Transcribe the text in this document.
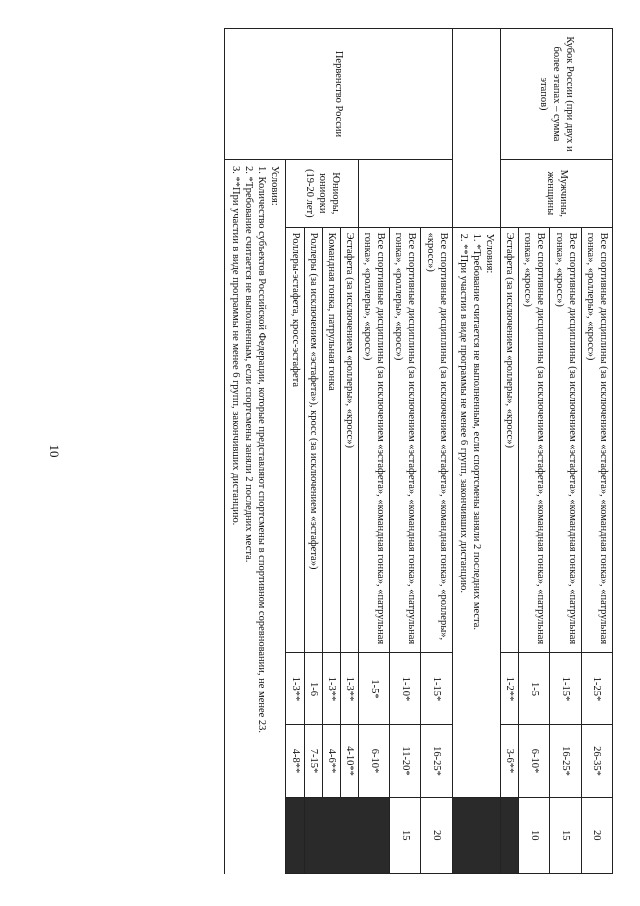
10
Кубок России (при двух и более этапах – сумма этапов)	Мужчины, женщины	Все спортивные дисциплины (за исключением «эстафета», «командная гонка», «патрульная гонка», «роллеры», «кросс»)	1-25*	26-35*	20
		Все спортивные дисциплины (за исключением «эстафета», «командная гонка», «патрульная гонка», «кросс»)	1-15*	16-25*	15
		Все спортивные дисциплины (за исключением «эстафета», «командная гонка», «патрульная гонка», «кросс»)	1-5	6-10*	10
		Эстафета (за исключением «роллеры», «кросс»)	1-2**	3-6**	

		Условия:
1. *Требование считается не выполненным, если спортсмены заняли 2 последних места.
2. **При участии в виде программы не менее 6 групп, закончивших дистанцию.			

Первенство России		Все спортивные дисциплины (за исключением «эстафета», «командная гонка», «роллеры», «кросс»)	1-15*	16-25*	20
		Все спортивные дисциплины (за исключением «эстафета», «командная гонка», «патрульная гонка», «роллеры», «кросс»)	1-10*	11-20*	15
		Все спортивные дисциплины (за исключением «эстафета», «командная гонка», «патрульная гонка», «роллеры», «кросс»)	1-5*	6-10*	
	Юниоры, юниорки (19-20 лет)	Эстафета (за исключением «роллеры», «кросс»)	1-3**	4-10**	
		Командная гонка, патрульная гонка	1-3**	4-6**	
		Роллеры (за исключением «эстафета»), кросс (за исключением «эстафета»)	1-6	7-15*	
		Роллеры-эстафета, кросс-эстафета	1-3**	4-8**	

	Условия:
1. Количество субъектов Российской Федерации, которые представляют спортсмены в спортивном соревновании, не менее 23.
2. *Требование считается не выполненным, если спортсмены заняли 2 последних места.
3. **При участии в виде программы не менее 6 групп, закончивших дистанцию.				
